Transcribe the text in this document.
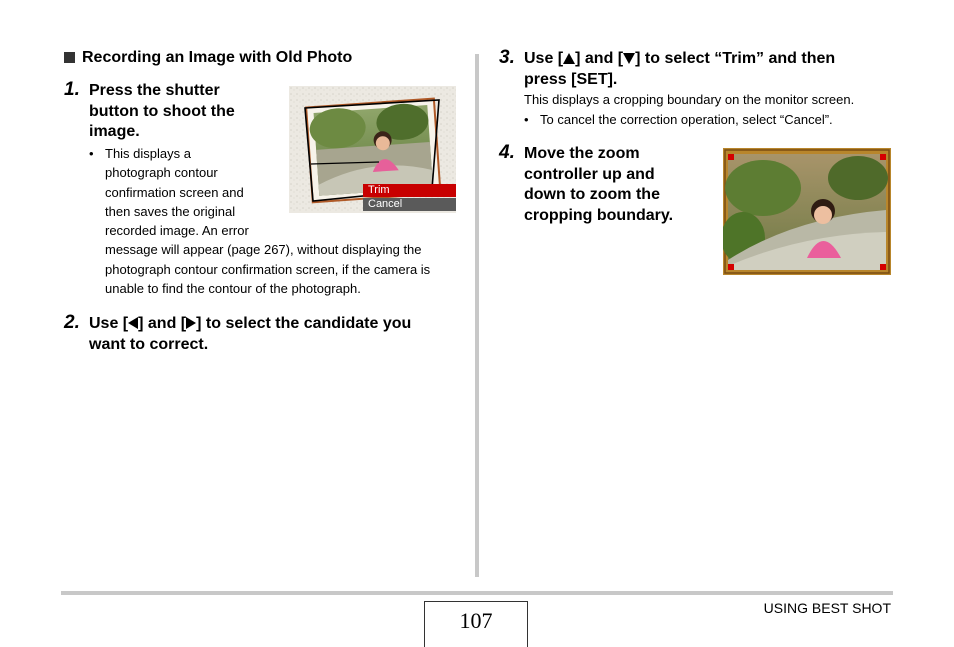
Recording an Image with Old Photo
1. Press the shutter
button to shoot the
image.
• This displays a
photograph contour
confirmation screen and
then saves the original
recorded image. An error
message will appear (page 267), without displaying the
photograph contour confirmation screen, if the camera is
unable to find the contour of the photograph.
Trim
Cancel
2. Use [ ] and [ ] to select the candidate you
want to correct.
3. Use [ ] and [ ] to select “Trim” and then
press [SET].
This displays a cropping boundary on the monitor screen.
• To cancel the correction operation, select “Cancel”.
4. Move the zoom
controller up and
down to zoom the
cropping boundary.
107	USING BEST SHOT
